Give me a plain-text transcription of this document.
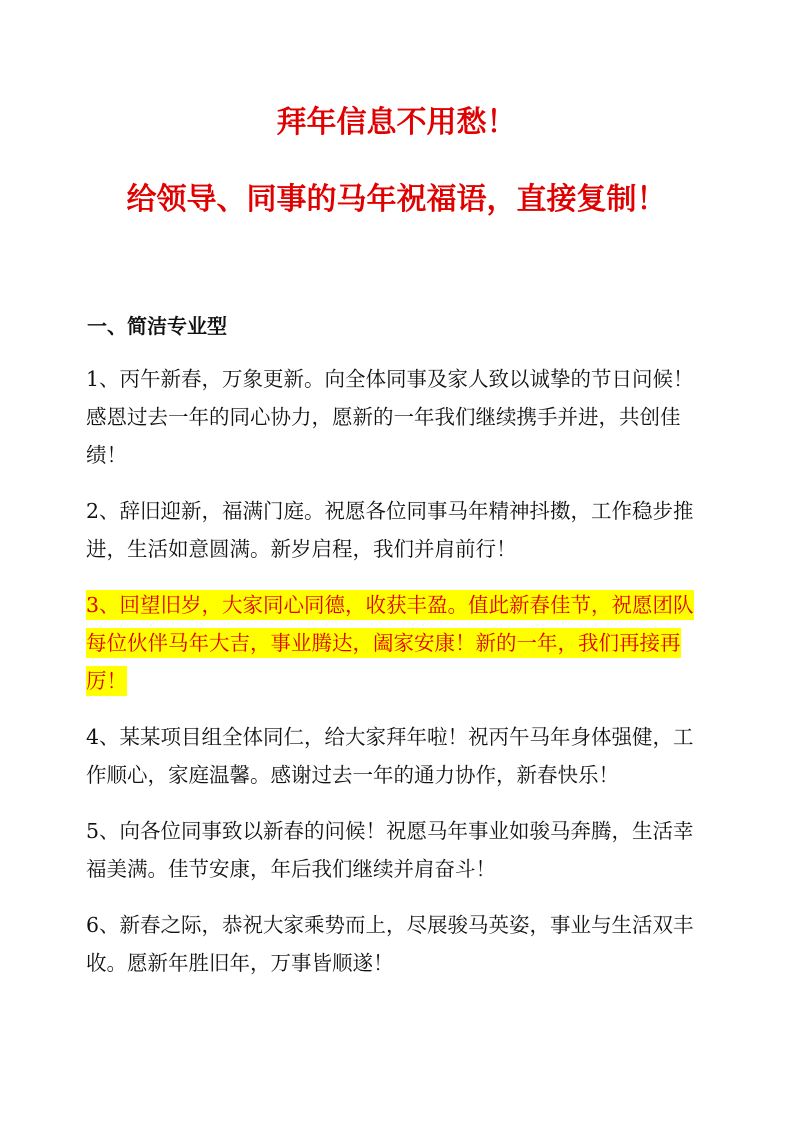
拜年信息不用愁！
给领导、同事的马年祝福语，直接复制！
一、简洁专业型

1、丙午新春，万象更新。向全体同事及家人致以诚挚的节日问候！感恩过去一年的同心协力，愿新的一年我们继续携手并进，共创佳绩！

2、辞旧迎新，福满门庭。祝愿各位同事马年精神抖擞，工作稳步推进，生活如意圆满。新岁启程，我们并肩前行！

3、回望旧岁，大家同心同德，收获丰盈。值此新春佳节，祝愿团队每位伙伴马年大吉，事业腾达，阖家安康！新的一年，我们再接再厉！

4、某某项目组全体同仁，给大家拜年啦！祝丙午马年身体强健，工作顺心，家庭温馨。感谢过去一年的通力协作，新春快乐！

5、向各位同事致以新春的问候！祝愿马年事业如骏马奔腾，生活幸福美满。佳节安康，年后我们继续并肩奋斗！

6、新春之际，恭祝大家乘势而上，尽展骏马英姿，事业与生活双丰收。愿新年胜旧年，万事皆顺遂！
